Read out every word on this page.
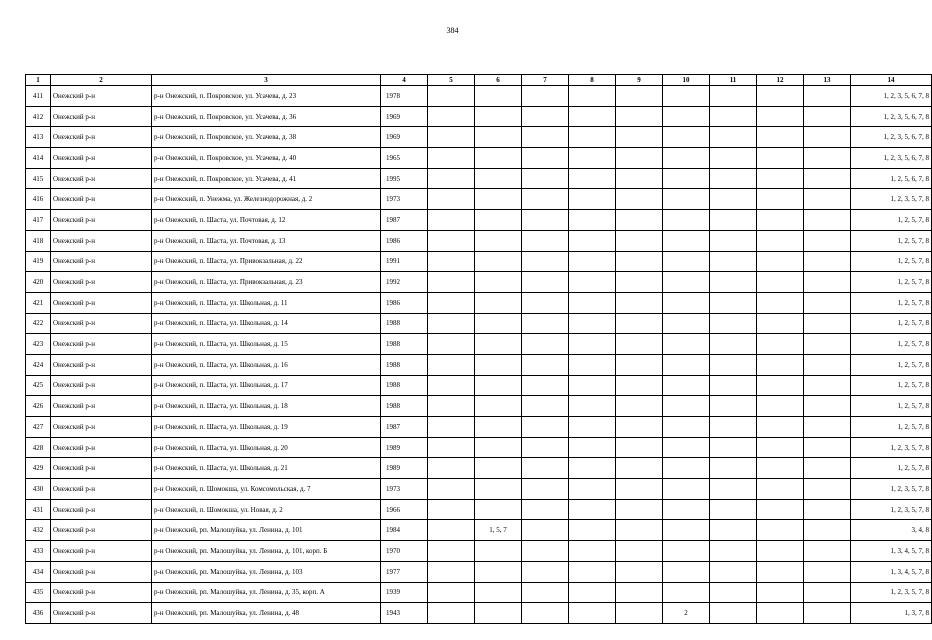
384
1	2	3	4	5	6	7	8	9	10	11	12	13	14
411	Онежский р-н	р-н Онежский, п. Покровское, ул. Усачева, д. 23	1978										1, 2, 3, 5, 6, 7, 8
412	Онежский р-н	р-н Онежский, п. Покровское, ул. Усачева, д. 36	1969										1, 2, 3, 5, 6, 7, 8
413	Онежский р-н	р-н Онежский, п. Покровское, ул. Усачева, д. 38	1969										1, 2, 3, 5, 6, 7, 8
414	Онежский р-н	р-н Онежский, п. Покровское, ул. Усачева, д. 40	1965										1, 2, 3, 5, 6, 7, 8
415	Онежский р-н	р-н Онежский, п. Покровское, ул. Усачева, д. 41	1995										1, 2, 5, 6, 7, 8
416	Онежский р-н	р-н Онежский, п. Унежма, ул. Железнодорожная, д. 2	1973										1, 2, 3, 5, 7, 8
417	Онежский р-н	р-н Онежский, п. Шаста, ул. Почтовая, д. 12	1987										1, 2, 5, 7, 8
418	Онежский р-н	р-н Онежский, п. Шаста, ул. Почтовая, д. 13	1986										1, 2, 5, 7, 8
419	Онежский р-н	р-н Онежский, п. Шаста, ул. Привокзальная, д. 22	1991										1, 2, 5, 7, 8
420	Онежский р-н	р-н Онежский, п. Шаста, ул. Привокзальная, д. 23	1992										1, 2, 5, 7, 8
421	Онежский р-н	р-н Онежский, п. Шаста, ул. Школьная, д. 11	1986										1, 2, 5, 7, 8
422	Онежский р-н	р-н Онежский, п. Шаста, ул. Школьная, д. 14	1988										1, 2, 5, 7, 8
423	Онежский р-н	р-н Онежский, п. Шаста, ул. Школьная, д. 15	1988										1, 2, 5, 7, 8
424	Онежский р-н	р-н Онежский, п. Шаста, ул. Школьная, д. 16	1988										1, 2, 5, 7, 8
425	Онежский р-н	р-н Онежский, п. Шаста, ул. Школьная, д. 17	1988										1, 2, 5, 7, 8
426	Онежский р-н	р-н Онежский, п. Шаста, ул. Школьная, д. 18	1988										1, 2, 5, 7, 8
427	Онежский р-н	р-н Онежский, п. Шаста, ул. Школьная, д. 19	1987										1, 2, 5, 7, 8
428	Онежский р-н	р-н Онежский, п. Шаста, ул. Школьная, д. 20	1989										1, 2, 3, 5, 7, 8
429	Онежский р-н	р-н Онежский, п. Шаста, ул. Школьная, д. 21	1989										1, 2, 5, 7, 8
430	Онежский р-н	р-н Онежский, п. Шомокша, ул. Комсомольская, д. 7	1973										1, 2, 3, 5, 7, 8
431	Онежский р-н	р-н Онежский, п. Шомокша, ул. Новая, д. 2	1966										1, 2, 3, 5, 7, 8
432	Онежский р-н	р-н Онежский, рп. Малошуйка, ул. Ленина, д. 101	1984		1, 5, 7								3, 4, 8
433	Онежский р-н	р-н Онежский, рп. Малошуйка, ул. Ленина, д. 101, корп. Б	1970										1, 3, 4, 5, 7, 8
434	Онежский р-н	р-н Онежский, рп. Малошуйка, ул. Ленина, д. 103	1977										1, 3, 4, 5, 7, 8
435	Онежский р-н	р-н Онежский, рп. Малошуйка, ул. Ленина, д. 35, корп. А	1939										1, 2, 3, 5, 7, 8
436	Онежский р-н	р-н Онежский, рп. Малошуйка, ул. Ленина, д. 48	1943						2				1, 3, 7, 8
